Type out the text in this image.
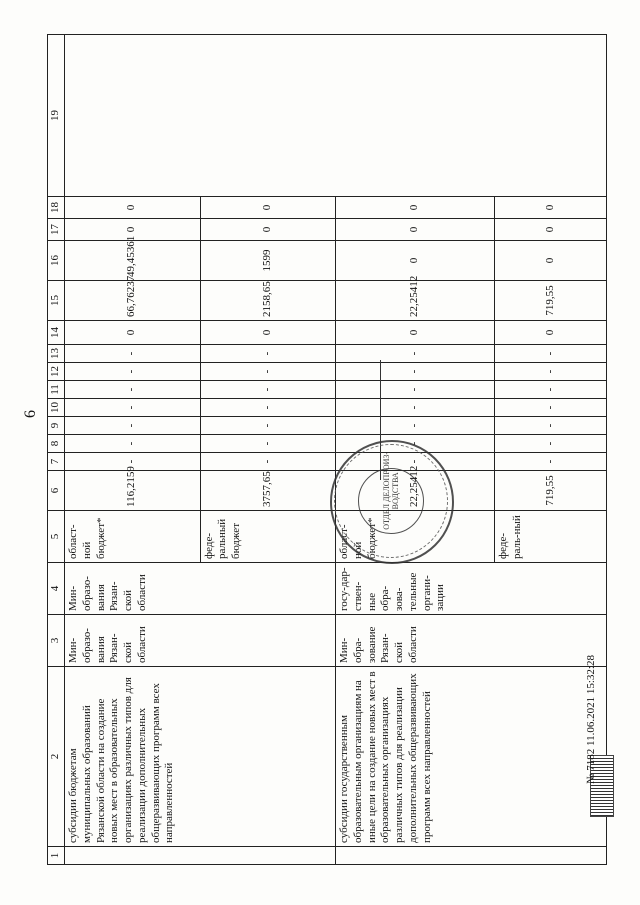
6
1	2	3	4	5	6	7	8	9	10	11	12	13	14	15	16	17	18	19
	субсидии бюджетам муниципальных образований Рязанской области на создание новых мест в образовательных организациях различных типов для реализации дополнительных общеразвивающих программ всех направленностей	Мин-образо-вания Рязан-ской области	Мин-образо-вания Рязан-ской области	област-ной бюджет*	116,2159	-	-	-	-	-	-	-	0	66,76237	49,45361	0	0	
				феде-ральный бюджет	3757,65	-	-	-	-	-	-	-	0	2158,65	1599	0	0	
	субсидии государственным образовательным организациям на иные цели на создание новых мест в образовательных организациях различных типов для реализации дополнительных общеразвивающих программ всех направленностей	Мин-обра-зование Рязан-ской области	госу-дар-ствен-ные обра-зова-тельные органи-зации	област-ной бюджет*	22,25412	-	-	-	-	-	-	-	0	22,25412	0	0	0	
				феде-раль-ный	719,55	-	-	-	-	-	-	-	0	719,55	0	0	0	
ОТДЕЛ ДЕЛОПРОИЗ-ВОДСТВА
№ 7182 11.06.2021 15:32:28
